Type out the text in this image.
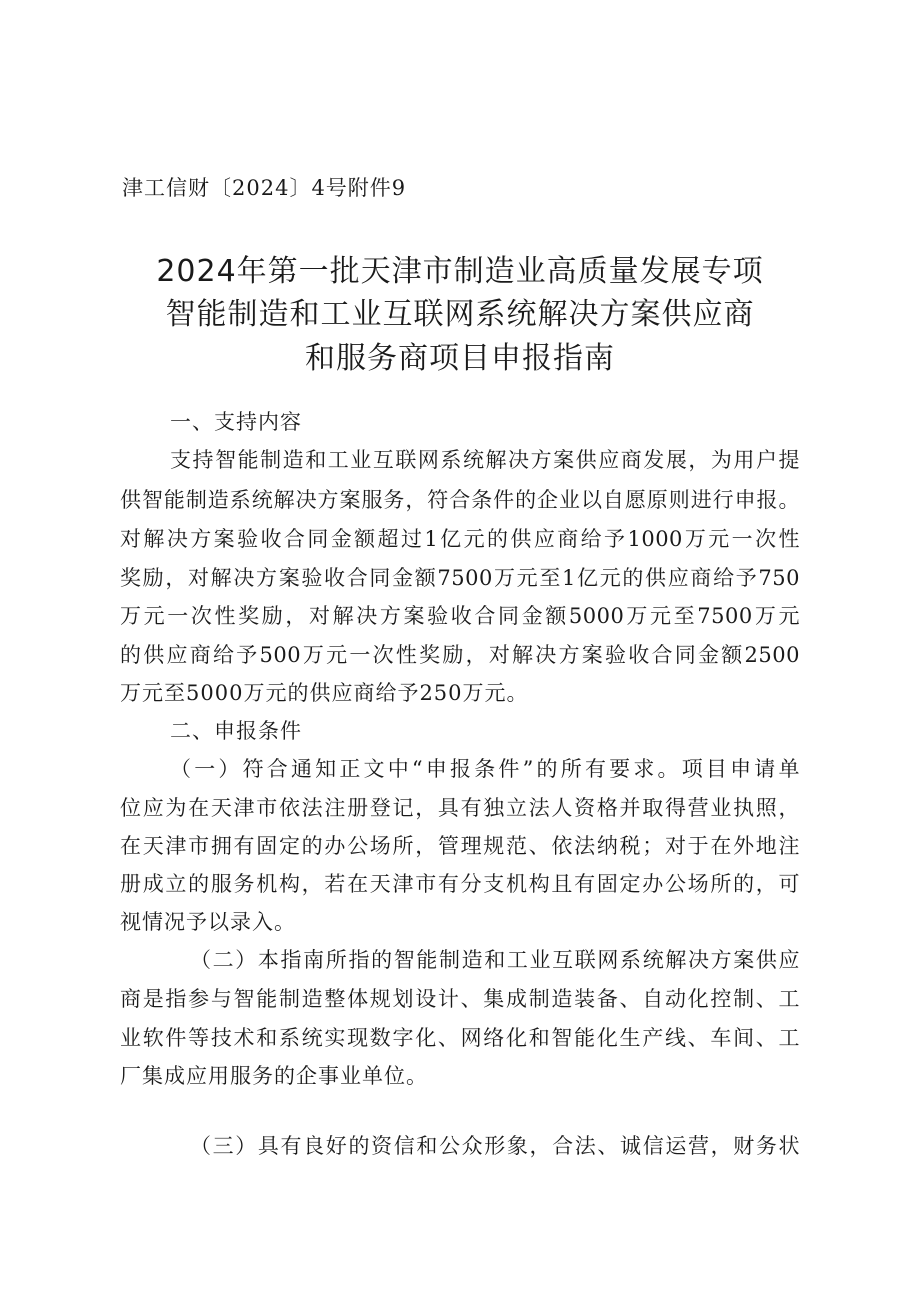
津工信财〔2024〕4号附件9
2024年第一批天津市制造业高质量发展专项
智能制造和工业互联网系统解决方案供应商
和服务商项目申报指南
一、支持内容
支持智能制造和工业互联网系统解决方案供应商发展，为用户提
供智能制造系统解决方案服务，符合条件的企业以自愿原则进行申报。
对解决方案验收合同金额超过1亿元的供应商给予1000万元一次性
奖励，对解决方案验收合同金额7500万元至1亿元的供应商给予750
万元一次性奖励，对解决方案验收合同金额5000万元至7500万元
的供应商给予500万元一次性奖励，对解决方案验收合同金额2500
万元至5000万元的供应商给予250万元。
二、申报条件
（一）符合通知正文中“申报条件”的所有要求。项目申请单
位应为在天津市依法注册登记，具有独立法人资格并取得营业执照，
在天津市拥有固定的办公场所，管理规范、依法纳税；对于在外地注
册成立的服务机构，若在天津市有分支机构且有固定办公场所的，可
视情况予以录入。
（二）本指南所指的智能制造和工业互联网系统解决方案供应
商是指参与智能制造整体规划设计、集成制造装备、自动化控制、工
业软件等技术和系统实现数字化、网络化和智能化生产线、车间、工
厂集成应用服务的企事业单位。
（三）具有良好的资信和公众形象，合法、诚信运营，财务状
